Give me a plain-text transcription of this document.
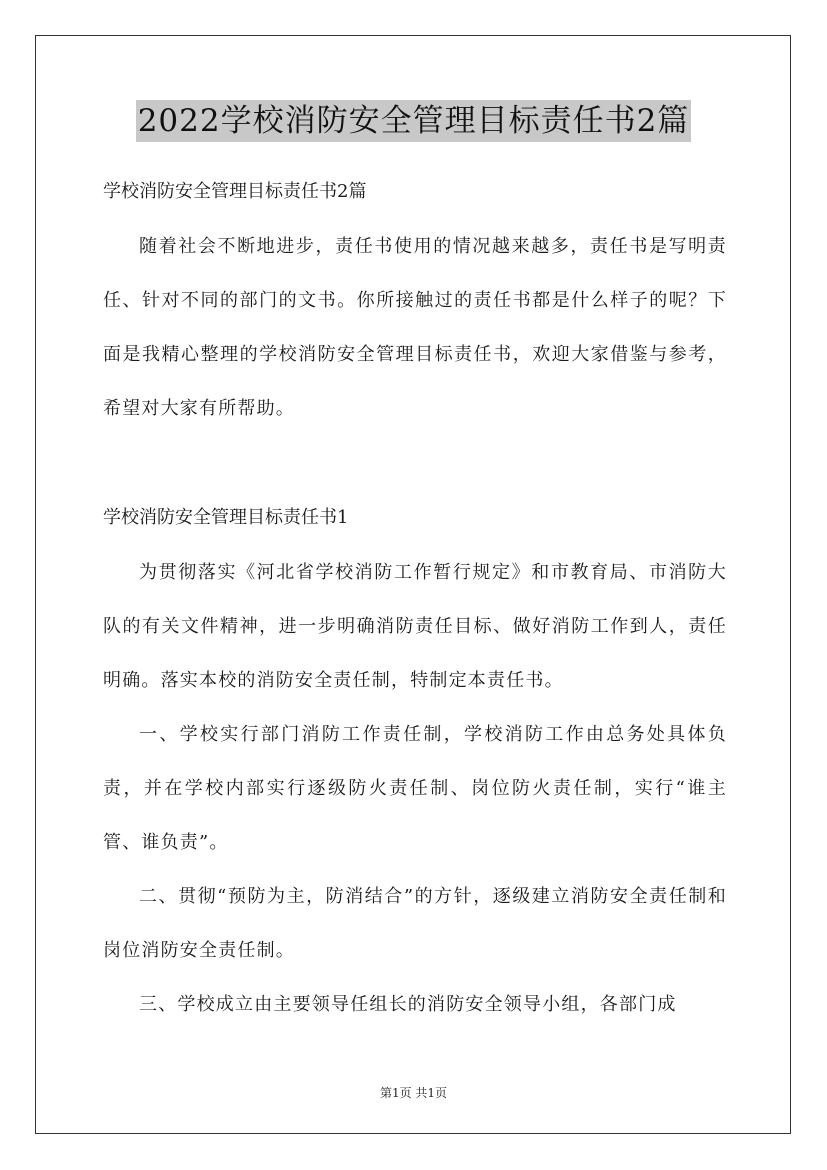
2022学校消防安全管理目标责任书2篇

学校消防安全管理目标责任书2篇

随着社会不断地进步，责任书使用的情况越来越多，责任书是写明责任、针对不同的部门的文书。你所接触过的责任书都是什么样子的呢？下面是我精心整理的学校消防安全管理目标责任书，欢迎大家借鉴与参考，希望对大家有所帮助。

学校消防安全管理目标责任书1

为贯彻落实《河北省学校消防工作暂行规定》和市教育局、市消防大队的有关文件精神，进一步明确消防责任目标、做好消防工作到人，责任明确。落实本校的消防安全责任制，特制定本责任书。

一、学校实行部门消防工作责任制，学校消防工作由总务处具体负责，并在学校内部实行逐级防火责任制、岗位防火责任制，实行“谁主管、谁负责”。

二、贯彻“预防为主，防消结合”的方针，逐级建立消防安全责任制和岗位消防安全责任制。

三、学校成立由主要领导任组长的消防安全领导小组，各部门成

第1页 共1页
